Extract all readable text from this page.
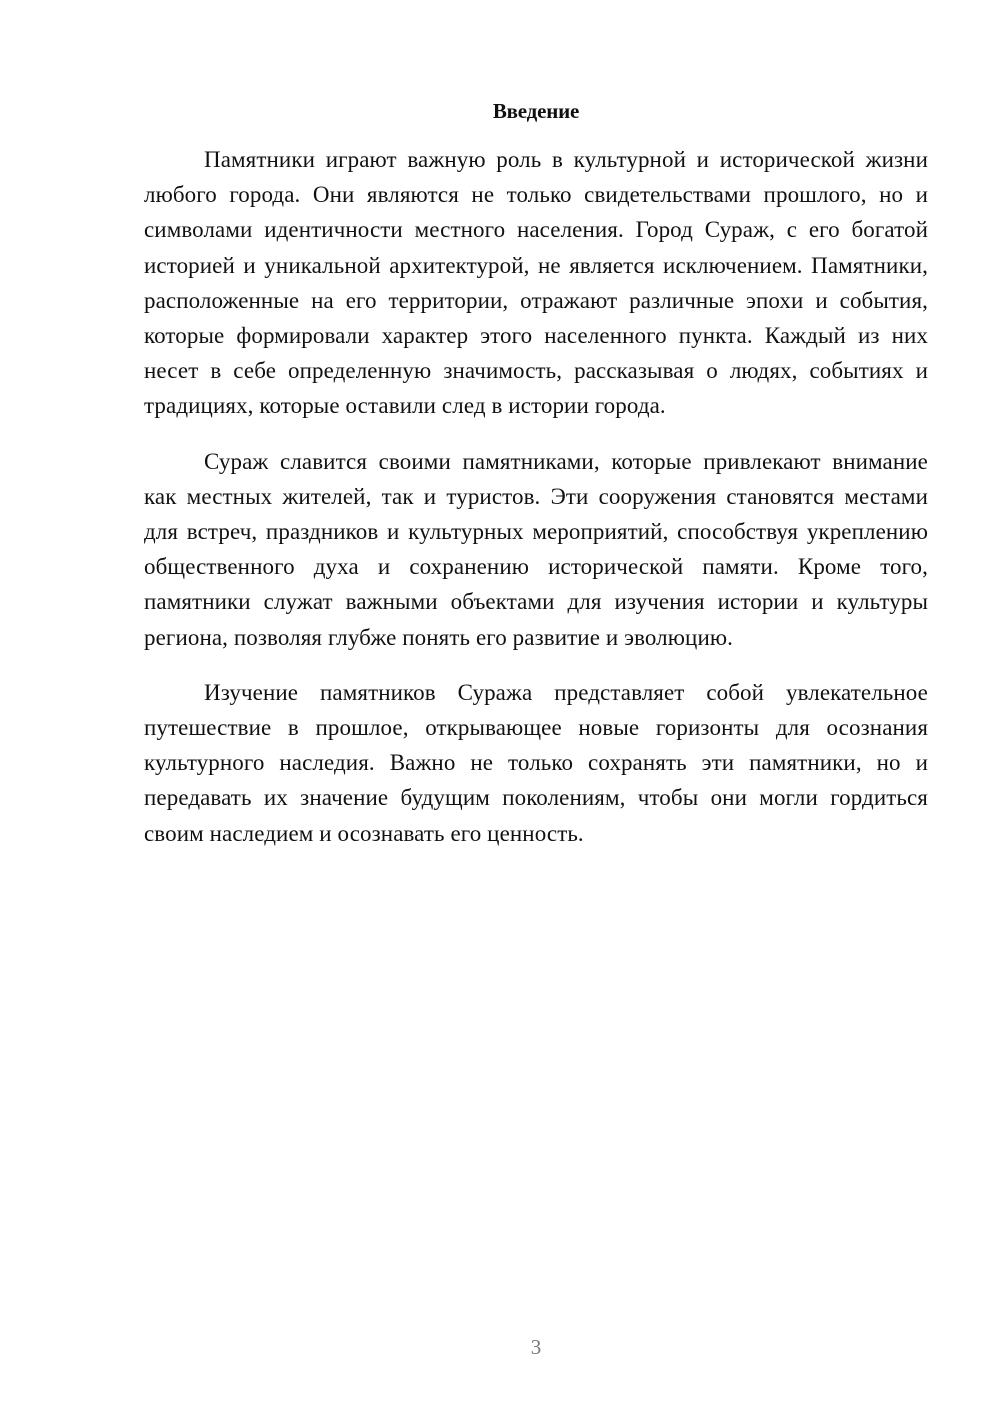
Введение

Памятники играют важную роль в культурной и исторической жизни любого города. Они являются не только свидетельствами прошлого, но и символами идентичности местного населения. Город Сураж, с его богатой историей и уникальной архитектурой, не является исключением. Памятники, расположенные на его территории, отражают различные эпохи и события, которые формировали характер этого населенного пункта. Каждый из них несет в себе определенную значимость, рассказывая о людях, событиях и традициях, которые оставили след в истории города.

Сураж славится своими памятниками, которые привлекают внимание как местных жителей, так и туристов. Эти сооружения становятся местами для встреч, праздников и культурных мероприятий, способствуя укреплению общественного духа и сохранению исторической памяти. Кроме того, памятники служат важными объектами для изучения истории и культуры региона, позволяя глубже понять его развитие и эволюцию.

Изучение памятников Суража представляет собой увлекательное путешествие в прошлое, открывающее новые горизонты для осознания культурного наследия. Важно не только сохранять эти памятники, но и передавать их значение будущим поколениям, чтобы они могли гордиться своим наследием и осознавать его ценность.

3
